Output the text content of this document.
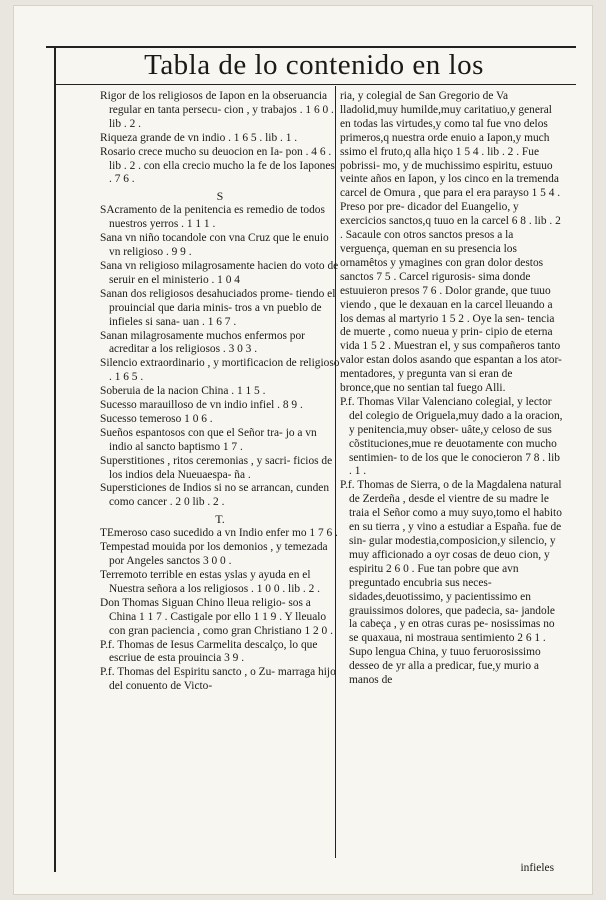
Tabla de lo contenido en los

Rigor de los religiosos de Iapon en la obseruancia regular en tanta persecu- cion , y trabajos . 1 6 0 . lib . 2 .

Riqueza grande de vn indio . 1 6 5 . lib . 1 .

Rosario crece mucho su deuocion en Ia- pon . 4 6 . lib . 2 . con ella crecio mucho la fe de los Iapones . 7 6 .

S

SAcramento de la penitencia es remedio de todos nuestros yerros . 1 1 1 .

Sana vn niño tocandole con vna Cruz que le enuio vn religioso . 9 9 .

Sana vn religioso milagrosamente hacien do voto de seruir en el ministerio . 1 0 4

Sanan dos religiosos desahuciados prome- tiendo el prouincial que daria minis- tros a vn pueblo de infieles si sana- uan . 1 6 7 .

Sanan milagrosamente muchos enfermos por acreditar a los religiosos . 3 0 3 .

Silencio extraordinario , y mortificacion de religioso . 1 6 5 .

Soberuia de la nacion China . 1 1 5 .

Sucesso marauilloso de vn indio infiel . 8 9 .

Sucesso temeroso 1 0 6 .

Sueños espantosos con que el Señor tra- jo a vn indio al sancto baptismo 1 7 .

Superstitiones , ritos ceremonias , y sacri- ficios de los indios dela Nueuaespa- ña .

Supersticiones de Indios si no se arrancan, cunden como cancer . 2 0 lib . 2 .

T.

TEmeroso caso sucedido a vn Indio enfer mo 1 7 6 .

Tempestad mouida por los demonios , y temezada por Angeles sanctos 3 0 0 .

Terremoto terrible en estas yslas y ayuda en el Nuestra señora a los religiosos . 1 0 0 . lib . 2 .

Don Thomas Siguan Chino lleua religio- sos a China 1 1 7 . Castigale por ello 1 1 9 . Y lleualo con gran paciencia , como gran Christiano 1 2 0 .

P.f. Thomas de Iesus Carmelita descalço, lo que escriue de esta prouincia 3 9 .

P.f. Thomas del Espiritu sancto , o Zu- marraga hijo del conuento de Victo-

ria, y colegial de San Gregorio de Va lladolid,muy humilde,muy caritatiuo,y general en todas las virtudes,y como tal fue vno delos primeros,q nuestra orde enuio a Iapon,y much ssimo el fruto,q alla hiço 1 5 4 . lib . 2 . Fue pobrissi- mo, y de muchissimo espiritu, estuuo veinte años en Iapon, y los cinco en la tremenda carcel de Omura , que para el era parayso 1 5 4 . Preso por pre- dicador del Euangelio, y exercicios sanctos,q tuuo en la carcel 6 8 . lib . 2 . Sacaule con otros sanctos presos a la verguença, queman en su presencia los ornamêtos y ymagines con gran dolor destos sanctos 7 5 . Carcel rigurosis- sima donde estuuieron presos 7 6 . Dolor grande, que tuuo viendo , que le dexauan en la carcel lleuando a los demas al martyrio 1 5 2 . Oye la sen- tencia de muerte , como nueua y prin- cipio de eterna vida 1 5 2 . Muestran el, y sus compañeros tanto valor estan dolos asando que espantan a los ator- mentadores, y pregunta van si eran de bronce,que no sentian tal fuego Alli.

P.f. Thomas Vilar Valenciano colegial, y lector del colegio de Origuela,muy dado a la oracion, y penitencia,muy obser- uâte,y celoso de sus cõstituciones,mue re deuotamente con mucho sentimien- to de los que le conocieron 7 8 . lib . 1 .

P.f. Thomas de Sierra, o de la Magdalena natural de Zerdeña , desde el vientre de su madre le traia el Señor como a muy suyo,tomo el habito en su tierra , y vino a estudiar a España. fue de sin- gular modestia,composicion,y silencio, y muy afficionado a oyr cosas de deuo cion, y espiritu 2 6 0 . Fue tan pobre que avn preguntado encubria sus neces- sidades,deuotissimo, y pacientissimo en grauissimos dolores, que padecia, sa- jandole la cabeça , y en otras curas pe- nosissimas no se quaxaua, ni mostraua sentimiento 2 6 1 . Supo lengua China, y tuuo feruorosissimo desseo de yr alla a predicar, fue,y murio a manos de

infieles
